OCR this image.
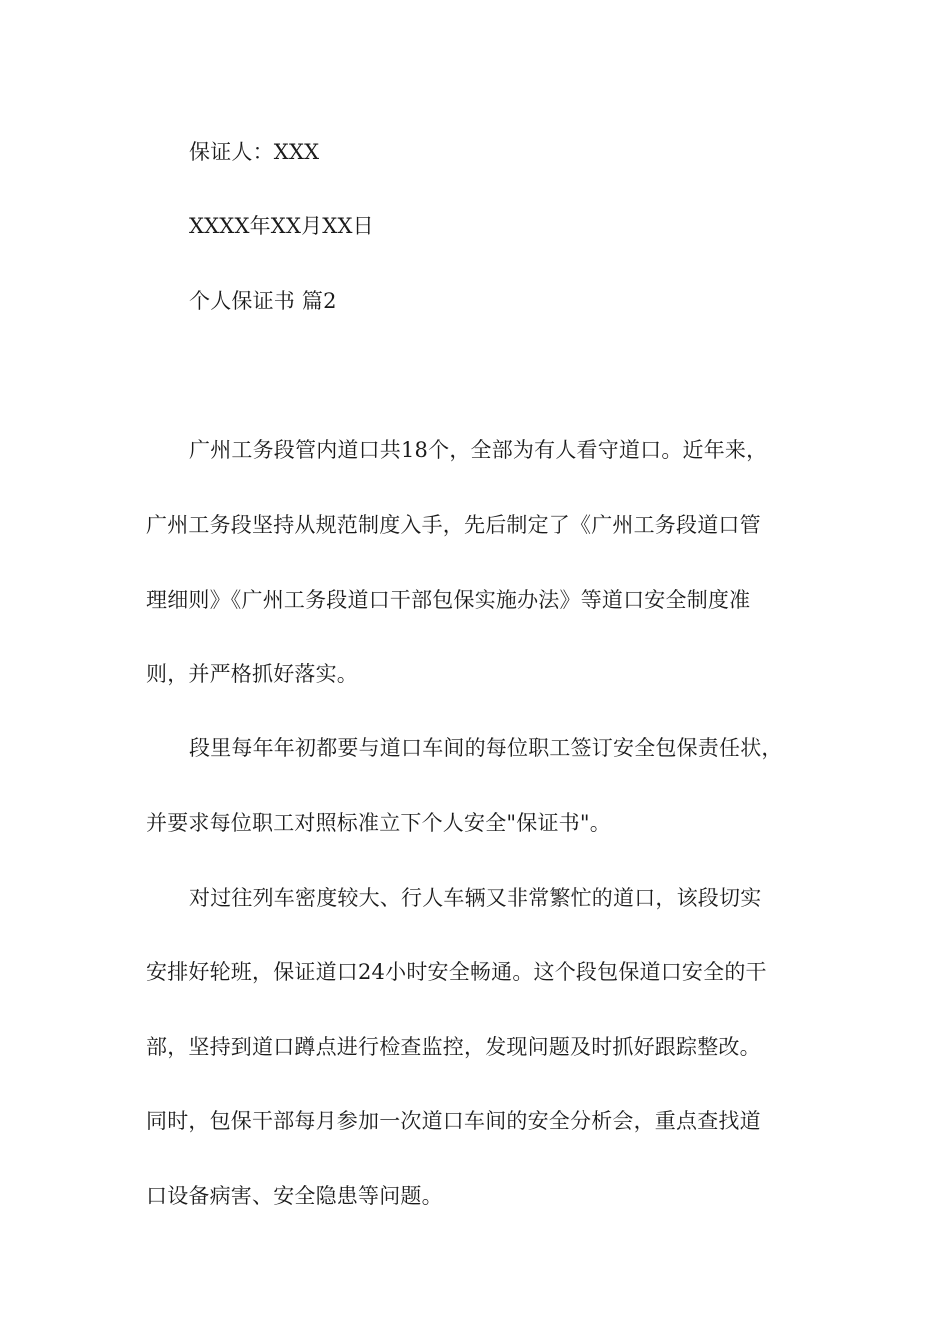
保证人：XXX
XXXX年XX月XX日
个人保证书 篇2
广州工务段管内道口共18个，全部为有人看守道口。近年来，
广州工务段坚持从规范制度入手，先后制定了《广州工务段道口管
理细则》《广州工务段道口干部包保实施办法》等道口安全制度准
则，并严格抓好落实。
段里每年年初都要与道口车间的每位职工签订安全包保责任状，
并要求每位职工对照标准立下个人安全"保证书"。
对过往列车密度较大、行人车辆又非常繁忙的道口，该段切实
安排好轮班，保证道口24小时安全畅通。这个段包保道口安全的干
部，坚持到道口蹲点进行检查监控，发现问题及时抓好跟踪整改。
同时，包保干部每月参加一次道口车间的安全分析会，重点查找道
口设备病害、安全隐患等问题。
